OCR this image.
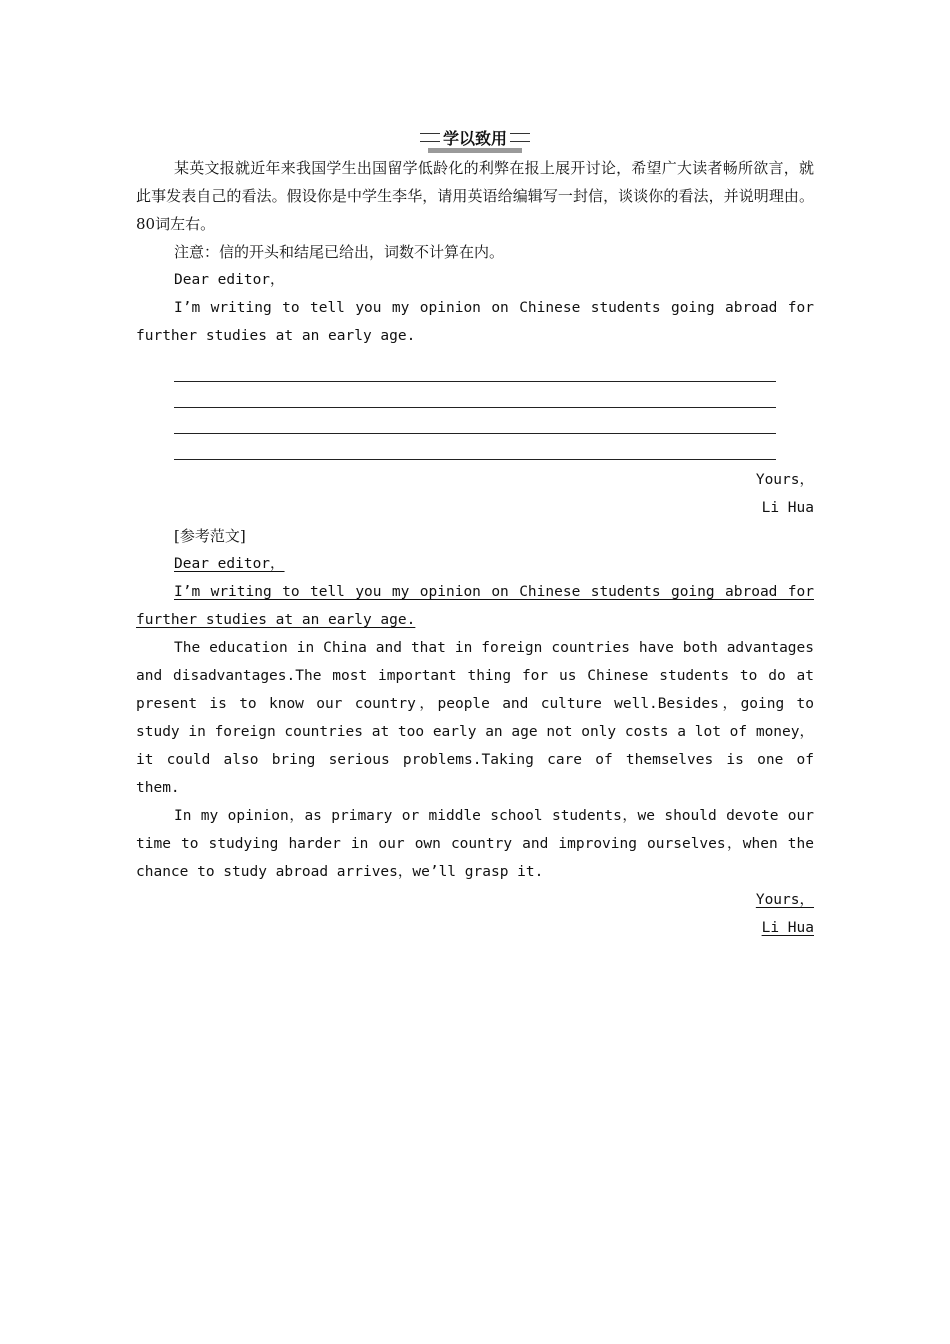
学以致用

某英文报就近年来我国学生出国留学低龄化的利弊在报上展开讨论，希望广大读者畅所欲言，就此事发表自己的看法。假设你是中学生李华，请用英语给编辑写一封信，谈谈你的看法，并说明理由。80词左右。

注意：信的开头和结尾已给出，词数不计算在内。

Dear editor，

I’m writing to tell you my opinion on Chinese students going abroad for further studies at an early age.

Yours，

Li Hua

[参考范文]

Dear editor，

I’m writing to tell you my opinion on Chinese students going abroad for further studies at an early age.

The education in China and that in foreign countries have both advantages and disadvantages.The most important thing for us Chinese students to do at present is to know our country，people and culture well.Besides，going to study in foreign countries at too early an age not only costs a lot of money，it could also bring serious problems.Taking care of themselves is one of them.

In my opinion，as primary or middle school students，we should devote our time to studying harder in our own country and improving ourselves，when the chance to study abroad arrives，we’ll grasp it.

Yours，

Li Hua
